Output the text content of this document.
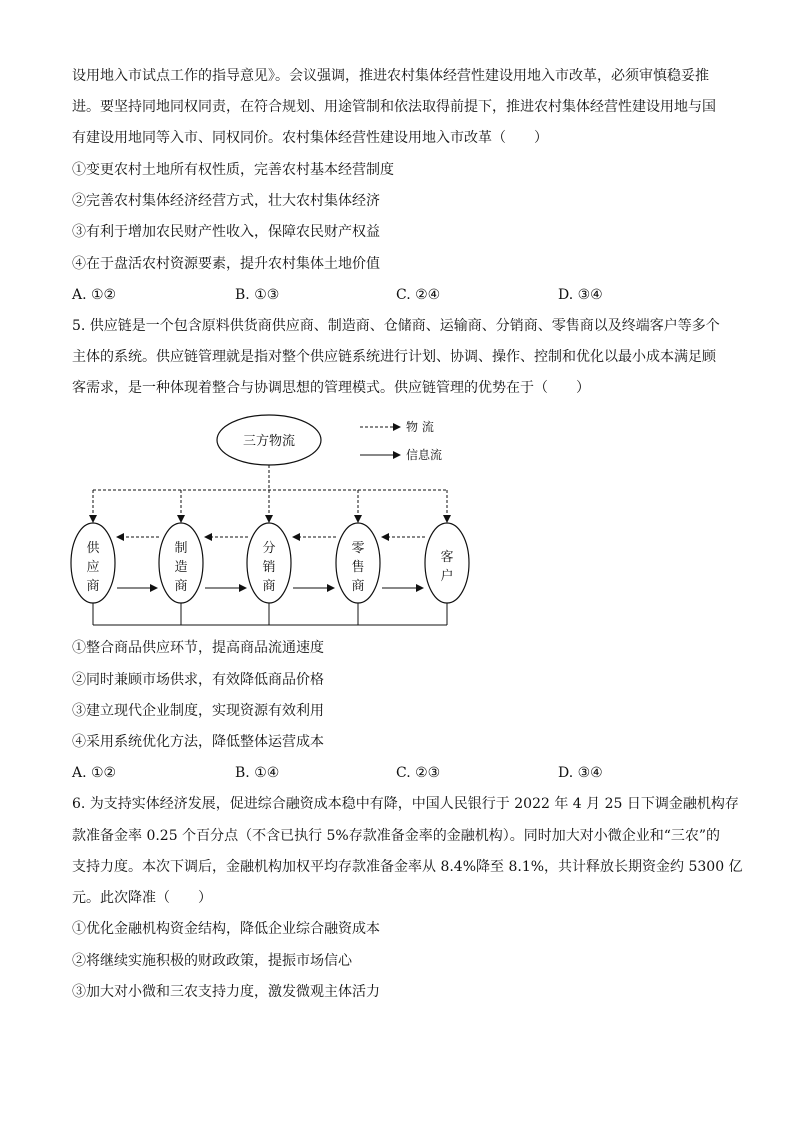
设用地入市试点工作的指导意见》。会议强调，推进农村集体经营性建设用地入市改革，必须审慎稳妥推
进。要坚持同地同权同责，在符合规划、用途管制和依法取得前提下，推进农村集体经营性建设用地与国
有建设用地同等入市、同权同价。农村集体经营性建设用地入市改革（　　）
①变更农村土地所有权性质，完善农村基本经营制度
②完善农村集体经济经营方式，壮大农村集体经济
③有利于增加农民财产性收入，保障农民财产权益
④在于盘活农村资源要素，提升农村集体土地价值
A. ①②	B. ①③	C. ②④	D. ③④
5. 供应链是一个包含原料供货商供应商、制造商、仓储商、运输商、分销商、零售商以及终端客户等多个
主体的系统。供应链管理就是指对整个供应链系统进行计划、协调、操作、控制和优化以最小成本满足顾
客需求，是一种体现着整合与协调思想的管理模式。供应链管理的优势在于（　　）
三方物流
物 流
信息流
供应商
制造商
分销商
零售商
客户
①整合商品供应环节，提高商品流通速度
②同时兼顾市场供求，有效降低商品价格
③建立现代企业制度，实现资源有效利用
④采用系统优化方法，降低整体运营成本
A. ①②	B. ①④	C. ②③	D. ③④
6. 为支持实体经济发展，促进综合融资成本稳中有降，中国人民银行于 2022 年 4 月 25 日下调金融机构存
款准备金率 0.25 个百分点（不含已执行 5%存款准备金率的金融机构）。同时加大对小微企业和“三农”的
支持力度。本次下调后，金融机构加权平均存款准备金率从 8.4%降至 8.1%，共计释放长期资金约 5300 亿
元。此次降准（　　）
①优化金融机构资金结构，降低企业综合融资成本
②将继续实施积极的财政政策，提振市场信心
③加大对小微和三农支持力度，激发微观主体活力
